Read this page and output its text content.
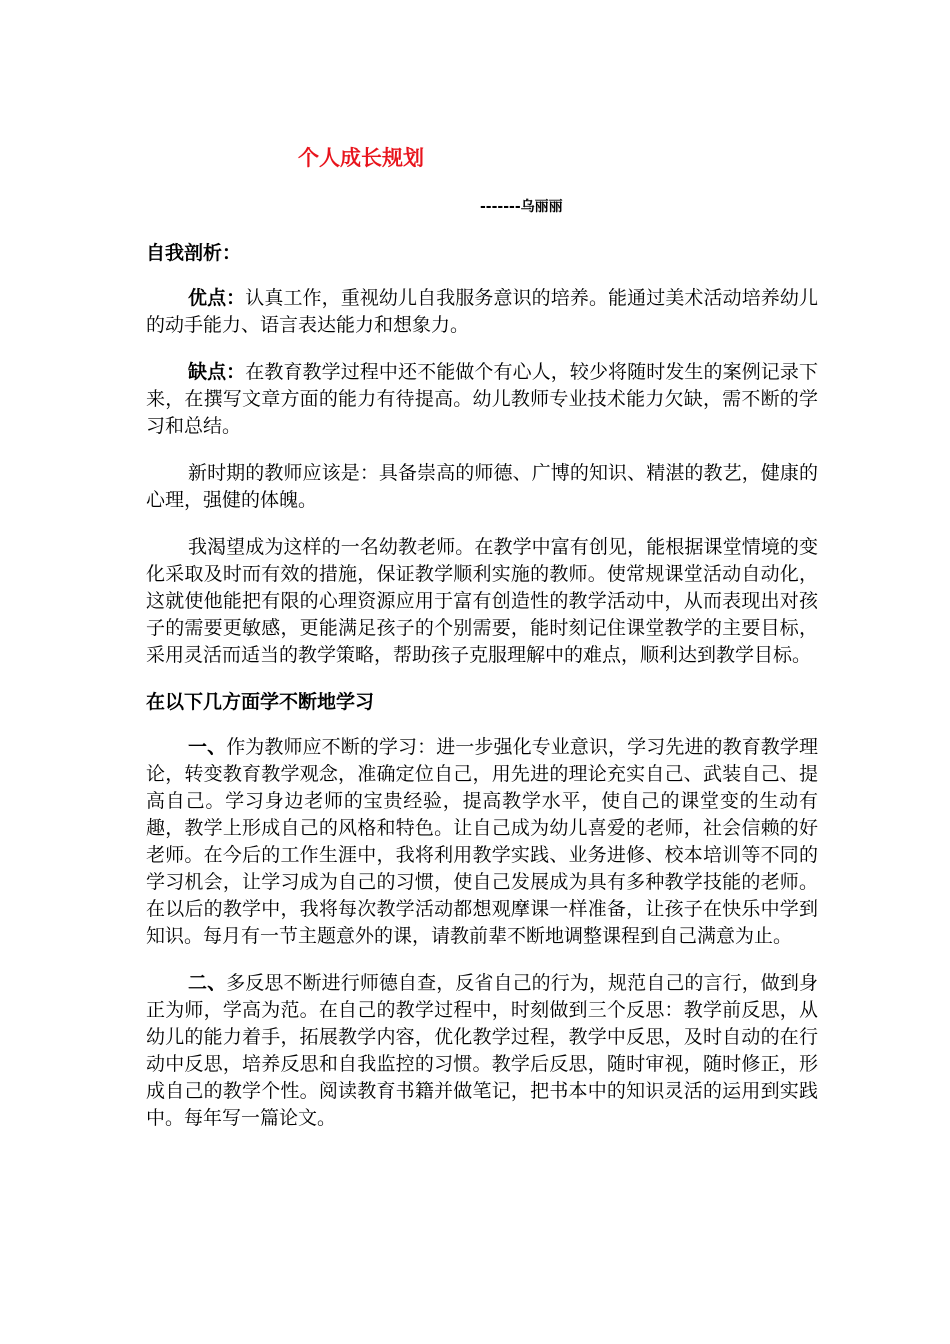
个人成长规划

-------乌丽丽

自我剖析：

优点：认真工作，重视幼儿自我服务意识的培养。能通过美术活动培养幼儿的动手能力、语言表达能力和想象力。

缺点：在教育教学过程中还不能做个有心人，较少将随时发生的案例记录下来，在撰写文章方面的能力有待提高。幼儿教师专业技术能力欠缺，需不断的学习和总结。

新时期的教师应该是：具备崇高的师德、广博的知识、精湛的教艺，健康的心理，强健的体魄。

我渴望成为这样的一名幼教老师。在教学中富有创见，能根据课堂情境的变化采取及时而有效的措施，保证教学顺利实施的教师。使常规课堂活动自动化，这就使他能把有限的心理资源应用于富有创造性的教学活动中，从而表现出对孩子的需要更敏感，更能满足孩子的个别需要，能时刻记住课堂教学的主要目标，采用灵活而适当的教学策略，帮助孩子克服理解中的难点，顺利达到教学目标。

在以下几方面学不断地学习

一、作为教师应不断的学习：进一步强化专业意识，学习先进的教育教学理论，转变教育教学观念，准确定位自己，用先进的理论充实自己、武装自己、提高自己。学习身边老师的宝贵经验，提高教学水平，使自己的课堂变的生动有趣，教学上形成自己的风格和特色。让自己成为幼儿喜爱的老师，社会信赖的好老师。在今后的工作生涯中，我将利用教学实践、业务进修、校本培训等不同的学习机会，让学习成为自己的习惯，使自己发展成为具有多种教学技能的老师。在以后的教学中，我将每次教学活动都想观摩课一样准备，让孩子在快乐中学到知识。每月有一节主题意外的课，请教前辈不断地调整课程到自己满意为止。

二、多反思不断进行师德自查，反省自己的行为，规范自己的言行，做到身正为师，学高为范。在自己的教学过程中，时刻做到三个反思：教学前反思，从幼儿的能力着手，拓展教学内容，优化教学过程，教学中反思，及时自动的在行动中反思，培养反思和自我监控的习惯。教学后反思，随时审视，随时修正，形成自己的教学个性。阅读教育书籍并做笔记，把书本中的知识灵活的运用到实践中。每年写一篇论文。
